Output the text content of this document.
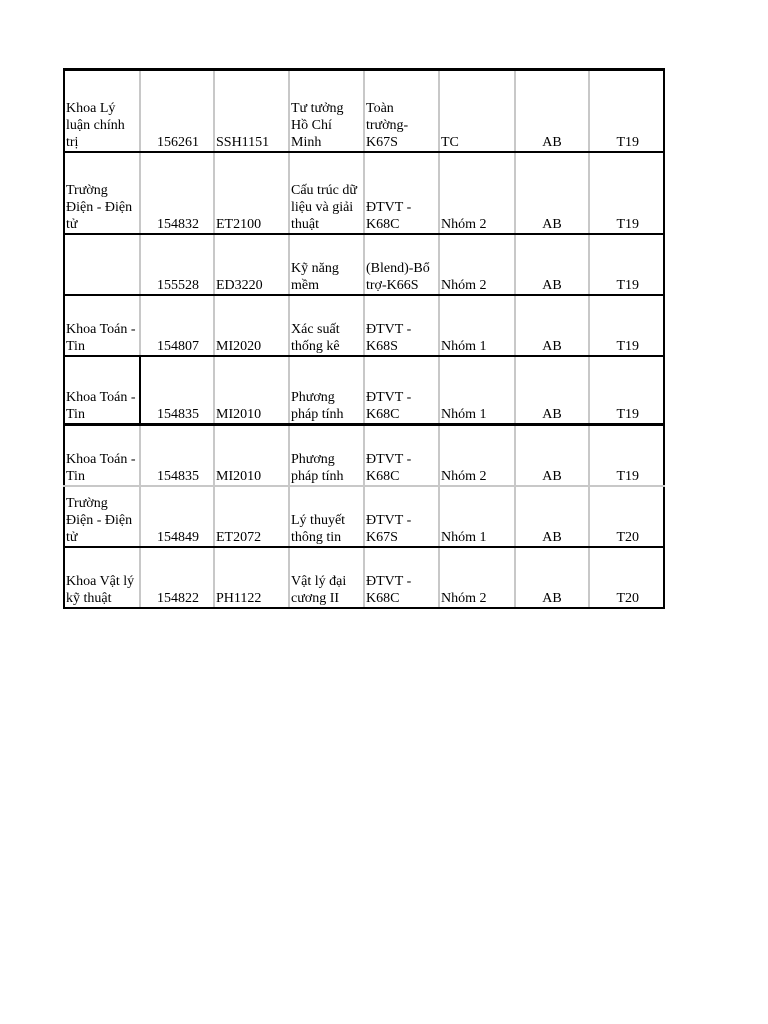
Khoa Lý luận chính trị	156261	SSH1151	Tư tưởng Hồ Chí Minh	Toàn trường-K67S	TC	AB	T19
Trường Điện - Điện tử	154832	ET2100	Cấu trúc dữ liệu và giải thuật	ĐTVT - K68C	Nhóm 2	AB	T19
	155528	ED3220	Kỹ năng mềm	(Blend)-Bổ trợ-K66S	Nhóm 2	AB	T19
Khoa Toán - Tin	154807	MI2020	Xác suất thống kê	ĐTVT - K68S	Nhóm 1	AB	T19
Khoa Toán - Tin	154835	MI2010	Phương pháp tính	ĐTVT - K68C	Nhóm 1	AB	T19
Khoa Toán - Tin	154835	MI2010	Phương pháp tính	ĐTVT - K68C	Nhóm 2	AB	T19
Trường Điện - Điện tử	154849	ET2072	Lý thuyết thông tin	ĐTVT - K67S	Nhóm 1	AB	T20
Khoa Vật lý kỹ thuật	154822	PH1122	Vật lý đại cương II	ĐTVT - K68C	Nhóm 2	AB	T20
